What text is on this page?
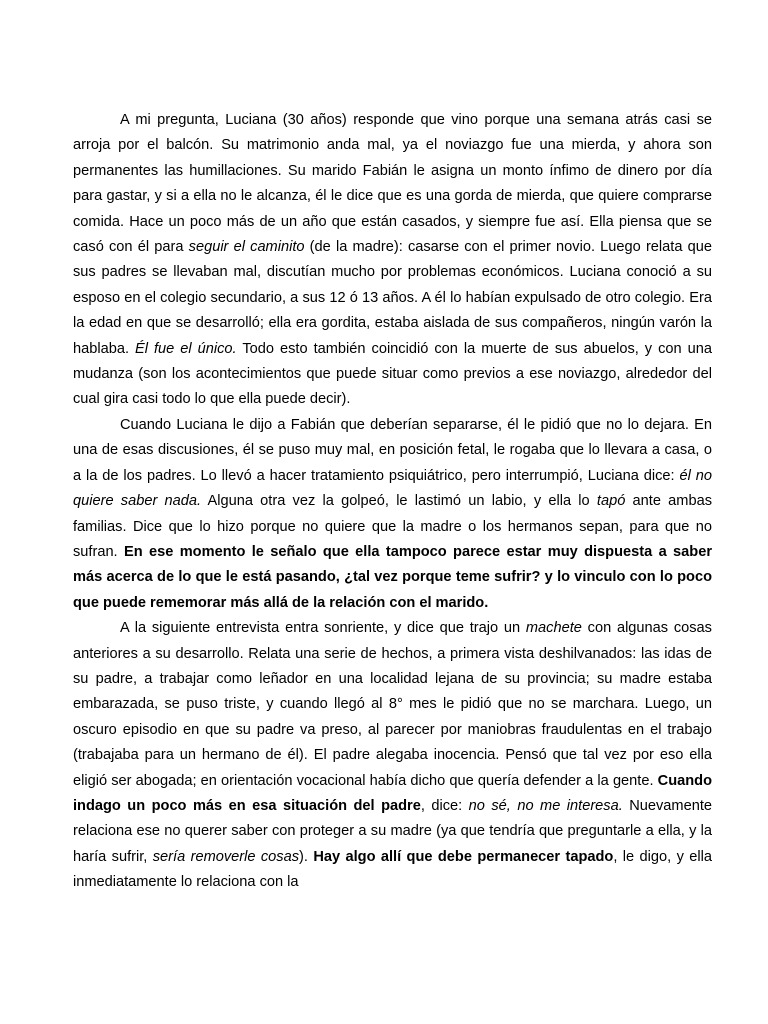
A mi pregunta, Luciana (30 años) responde que vino porque una semana atrás casi se arroja por el balcón. Su matrimonio anda mal, ya el noviazgo fue una mierda, y ahora son permanentes las humillaciones. Su marido Fabián le asigna un monto ínfimo de dinero por día para gastar, y si a ella no le alcanza, él le dice que es una gorda de mierda, que quiere comprarse comida. Hace un poco más de un año que están casados, y siempre fue así. Ella piensa que se casó con él para seguir el caminito (de la madre): casarse con el primer novio. Luego relata que sus padres se llevaban mal, discutían mucho por problemas económicos. Luciana conoció a su esposo en el colegio secundario, a sus 12 ó 13 años. A él lo habían expulsado de otro colegio. Era la edad en que se desarrolló; ella era gordita, estaba aislada de sus compañeros, ningún varón la hablaba. Él fue el único. Todo esto también coincidió con la muerte de sus abuelos, y con una mudanza (son los acontecimientos que puede situar como previos a ese noviazgo, alrededor del cual gira casi todo lo que ella puede decir).

Cuando Luciana le dijo a Fabián que deberían separarse, él le pidió que no lo dejara. En una de esas discusiones, él se puso muy mal, en posición fetal, le rogaba que lo llevara a casa, o a la de los padres. Lo llevó a hacer tratamiento psiquiátrico, pero interrumpió, Luciana dice: él no quiere saber nada. Alguna otra vez la golpeó, le lastimó un labio, y ella lo tapó ante ambas familias. Dice que lo hizo porque no quiere que la madre o los hermanos sepan, para que no sufran. En ese momento le señalo que ella tampoco parece estar muy dispuesta a saber más acerca de lo que le está pasando, ¿tal vez porque teme sufrir? y lo vinculo con lo poco que puede rememorar más allá de la relación con el marido.

A la siguiente entrevista entra sonriente, y dice que trajo un machete con algunas cosas anteriores a su desarrollo. Relata una serie de hechos, a primera vista deshilvanados: las idas de su padre, a trabajar como leñador en una localidad lejana de su provincia; su madre estaba embarazada, se puso triste, y cuando llegó al 8° mes le pidió que no se marchara. Luego, un oscuro episodio en que su padre va preso, al parecer por maniobras fraudulentas en el trabajo (trabajaba para un hermano de él). El padre alegaba inocencia. Pensó que tal vez por eso ella eligió ser abogada; en orientación vocacional había dicho que quería defender a la gente. Cuando indago un poco más en esa situación del padre, dice: no sé, no me interesa. Nuevamente relaciona ese no querer saber con proteger a su madre (ya que tendría que preguntarle a ella, y la haría sufrir, sería removerle cosas). Hay algo allí que debe permanecer tapado, le digo, y ella inmediatamente lo relaciona con la
